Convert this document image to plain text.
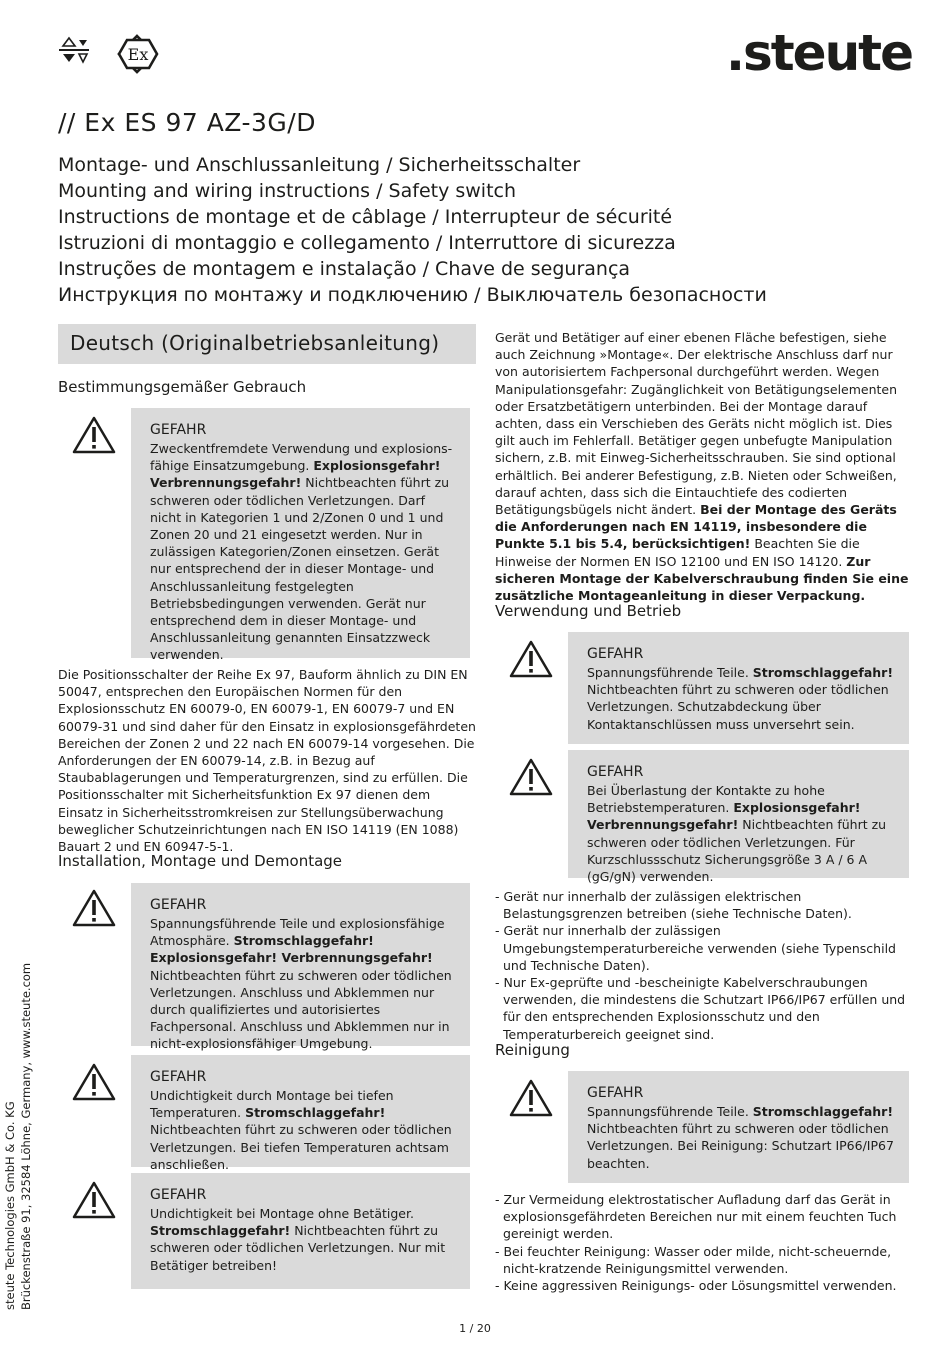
Ex	.steute
// Ex ES 97 AZ-3G/D
Montage- und Anschlussanleitung / Sicherheitsschalter
Mounting and wiring instructions / Safety switch
Instructions de montage et de câblage / Interrupteur de sécurité
Istruzioni di montaggio e collegamento / Interruttore di sicurezza
Instruções de montagem e instalação / Chave de segurança
Инструкция по монтажу и подключению / Выключатель безопасности
Deutsch (Originalbetriebsanleitung)
Bestimmungsgemäßer Gebrauch
GEFAHR
Zweckentfremdete Verwendung und explosions- fähige Einsatzumgebung. Explosionsgefahr! Verbrennungsgefahr! Nichtbeachten führt zu schweren oder tödlichen Verletzungen. Darf nicht in Kategorien 1 und 2/Zonen 0 und 1 und Zonen 20 und 21 eingesetzt werden. Nur in zulässigen Kategorien/Zonen einsetzen. Gerät nur entsprechend der in dieser Montage- und Anschlussanleitung festgelegten Betriebsbedingungen verwenden. Gerät nur entsprechend dem in dieser Montage- und Anschlussanleitung genannten Einsatzzweck verwenden.
Die Positionsschalter der Reihe Ex 97, Bauform ähnlich zu DIN EN 50047, entsprechen den Europäischen Normen für den Explosionsschutz EN 60079-0, EN 60079-1, EN 60079-7 und EN 60079-31 und sind daher für den Einsatz in explosionsgefährdeten Bereichen der Zonen 2 und 22 nach EN 60079-14 vorgesehen. Die Anforderungen der EN 60079-14, z.B. in Bezug auf Staubablagerungen und Temperaturgrenzen, sind zu erfüllen. Die Positionsschalter mit Sicherheitsfunktion Ex 97 dienen dem Einsatz in Sicherheitsstromkreisen zur Stellungsüberwachung beweglicher Schutzeinrichtungen nach EN ISO 14119 (EN 1088) Bauart 2 und EN 60947-5-1.
Installation, Montage und Demontage
GEFAHR
Spannungsführende Teile und explosionsfähige Atmosphäre. Stromschlaggefahr! Explosionsgefahr! Verbrennungsgefahr! Nichtbeachten führt zu schweren oder tödlichen Verletzungen. Anschluss und Abklemmen nur durch qualifiziertes und autorisiertes Fachpersonal. Anschluss und Abklemmen nur in nicht-explosionsfähiger Umgebung.
GEFAHR
Undichtigkeit durch Montage bei tiefen Temperaturen. Stromschlaggefahr! Nichtbeachten führt zu schweren oder tödlichen Verletzungen. Bei tiefen Temperaturen achtsam anschließen.
GEFAHR
Undichtigkeit bei Montage ohne Betätiger. Stromschlaggefahr! Nichtbeachten führt zu schweren oder tödlichen Verletzungen. Nur mit Betätiger betreiben!
Gerät und Betätiger auf einer ebenen Fläche befestigen, siehe auch Zeichnung »Montage«. Der elektrische Anschluss darf nur von autorisiertem Fachpersonal durchgeführt werden. Wegen Manipulationsgefahr: Zugänglichkeit von Betätigungselementen oder Ersatzbetätigern unterbinden. Bei der Montage darauf achten, dass ein Verschieben des Geräts nicht möglich ist. Dies gilt auch im Fehlerfall. Betätiger gegen unbefugte Manipulation sichern, z.B. mit Einweg-Sicherheitsschrauben. Sie sind optional erhältlich. Bei anderer Befestigung, z.B. Nieten oder Schweißen, darauf achten, dass sich die Eintauchtiefe des codierten Betätigungsbügels nicht ändert. Bei der Montage des Geräts die Anforderungen nach EN 14119, insbesondere die Punkte 5.1 bis 5.4, berücksichtigen! Beachten Sie die Hinweise der Normen EN ISO 12100 und EN ISO 14120. Zur sicheren Montage der Kabelverschraubung finden Sie eine zusätzliche Montageanleitung in dieser Verpackung.
Verwendung und Betrieb
GEFAHR
Spannungsführende Teile. Stromschlaggefahr! Nichtbeachten führt zu schweren oder tödlichen Verletzungen. Schutzabdeckung über Kontaktanschlüssen muss unversehrt sein.
GEFAHR
Bei Überlastung der Kontakte zu hohe Betriebstemperaturen. Explosionsgefahr! Verbrennungsgefahr! Nichtbeachten führt zu schweren oder tödlichen Verletzungen. Für Kurzschlussschutz Sicherungsgröße 3 A / 6 A (gG/gN) verwenden.
- Gerät nur innerhalb der zulässigen elektrischen Belastungsgrenzen betreiben (siehe Technische Daten).
- Gerät nur innerhalb der zulässigen Umgebungstemperaturbereiche verwenden (siehe Typenschild und Technische Daten).
- Nur Ex-geprüfte und -bescheinigte Kabelverschraubungen verwenden, die mindestens die Schutzart IP66/IP67 erfüllen und für den entsprechenden Explosionsschutz und den Temperaturbereich geeignet sind.
Reinigung
GEFAHR
Spannungsführende Teile. Stromschlaggefahr! Nichtbeachten führt zu schweren oder tödlichen Verletzungen. Bei Reinigung: Schutzart IP66/IP67 beachten.
- Zur Vermeidung elektrostatischer Aufladung darf das Gerät in explosionsgefährdeten Bereichen nur mit einem feuchten Tuch gereinigt werden.
- Bei feuchter Reinigung: Wasser oder milde, nicht-scheuernde, nicht-kratzende Reinigungsmittel verwenden.
- Keine aggressiven Reinigungs- oder Lösungsmittel verwenden.
1 / 20
steute Technologies GmbH & Co. KG Brückenstraße 91, 32584 Löhne, Germany, www.steute.com
